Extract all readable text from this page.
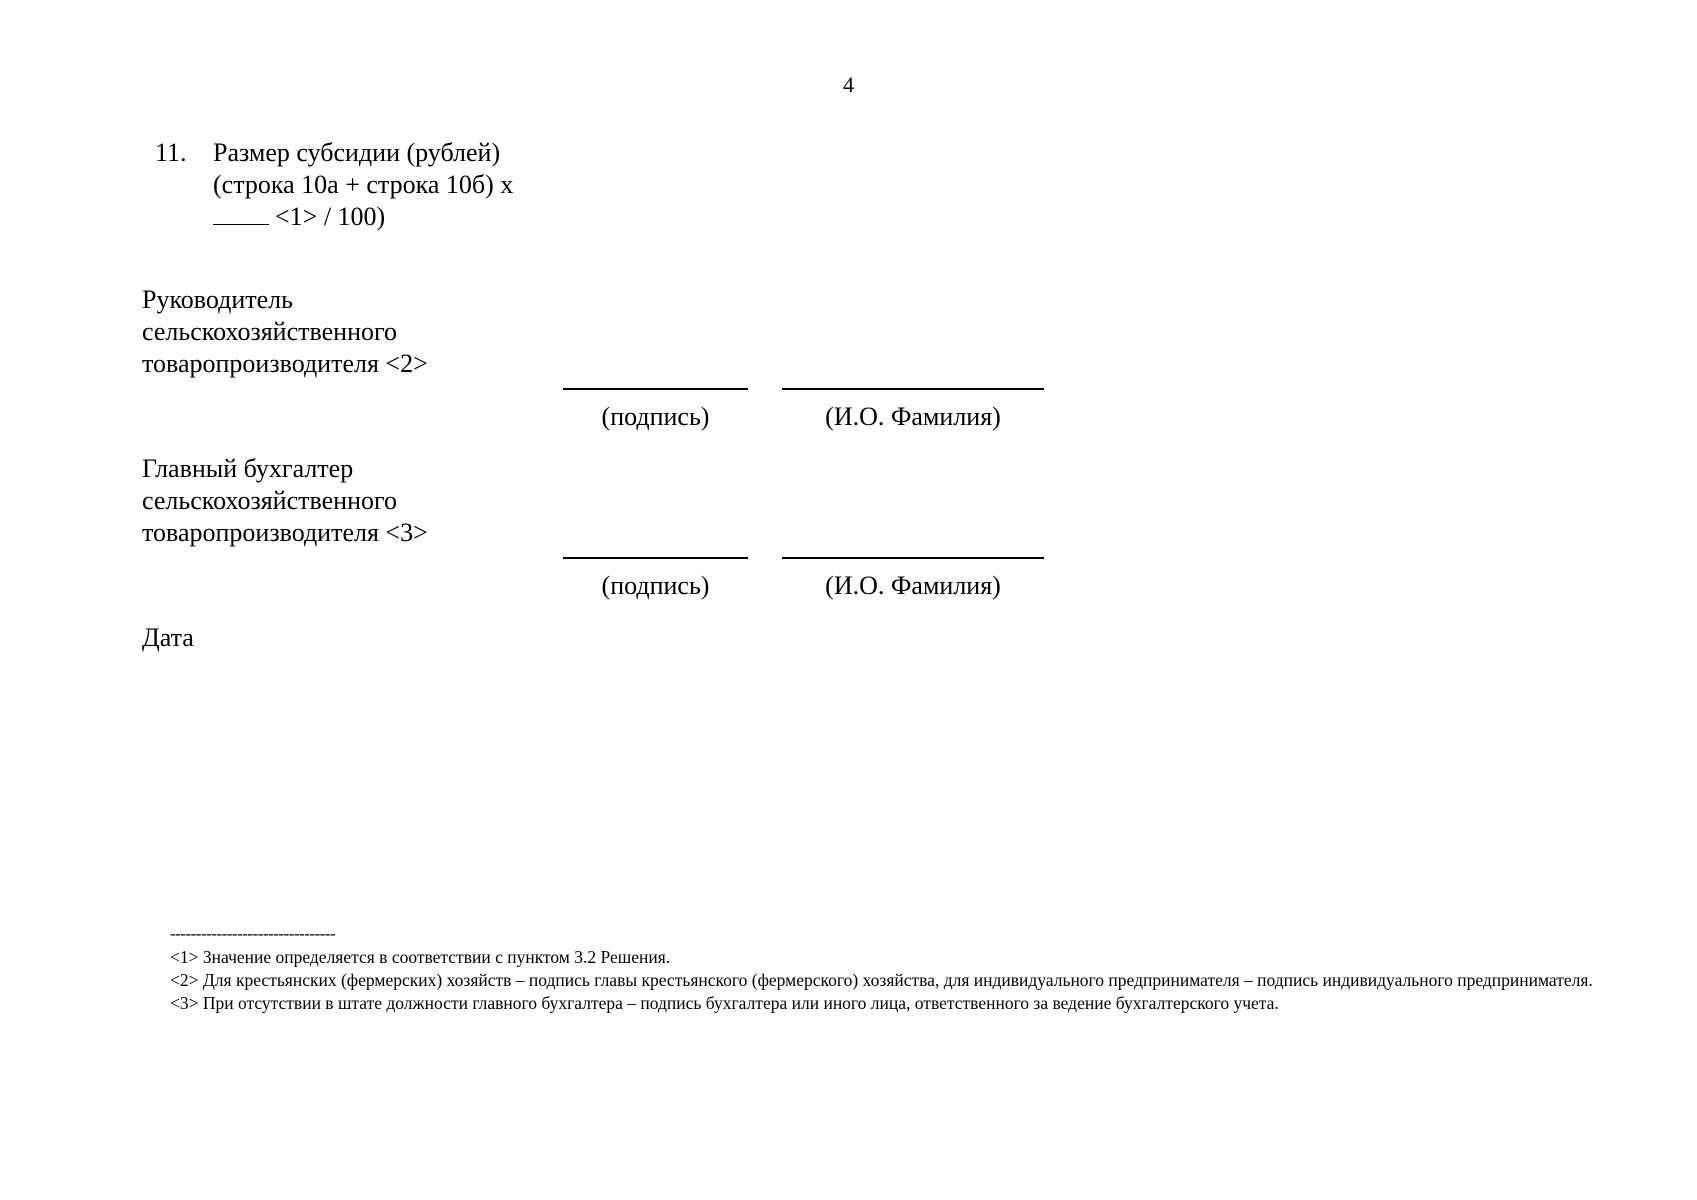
4
11. Размер субсидии (рублей)
(строка 10а + строка 10б) х
<1> / 100)
Руководитель
сельскохозяйственного
товаропроизводителя <2>
(подпись)	(И.О. Фамилия)
Главный бухгалтер
сельскохозяйственного
товаропроизводителя <3>
(подпись)	(И.О. Фамилия)
Дата
--------------------------------

<1> Значение определяется в соответствии с пунктом 3.2 Решения.

<2> Для крестьянских (фермерских) хозяйств – подпись главы крестьянского (фермерского) хозяйства, для индивидуального предпринимателя – подпись индивидуального предпринимателя.

<3> При отсутствии в штате должности главного бухгалтера – подпись бухгалтера или иного лица, ответственного за ведение бухгалтерского учета.
